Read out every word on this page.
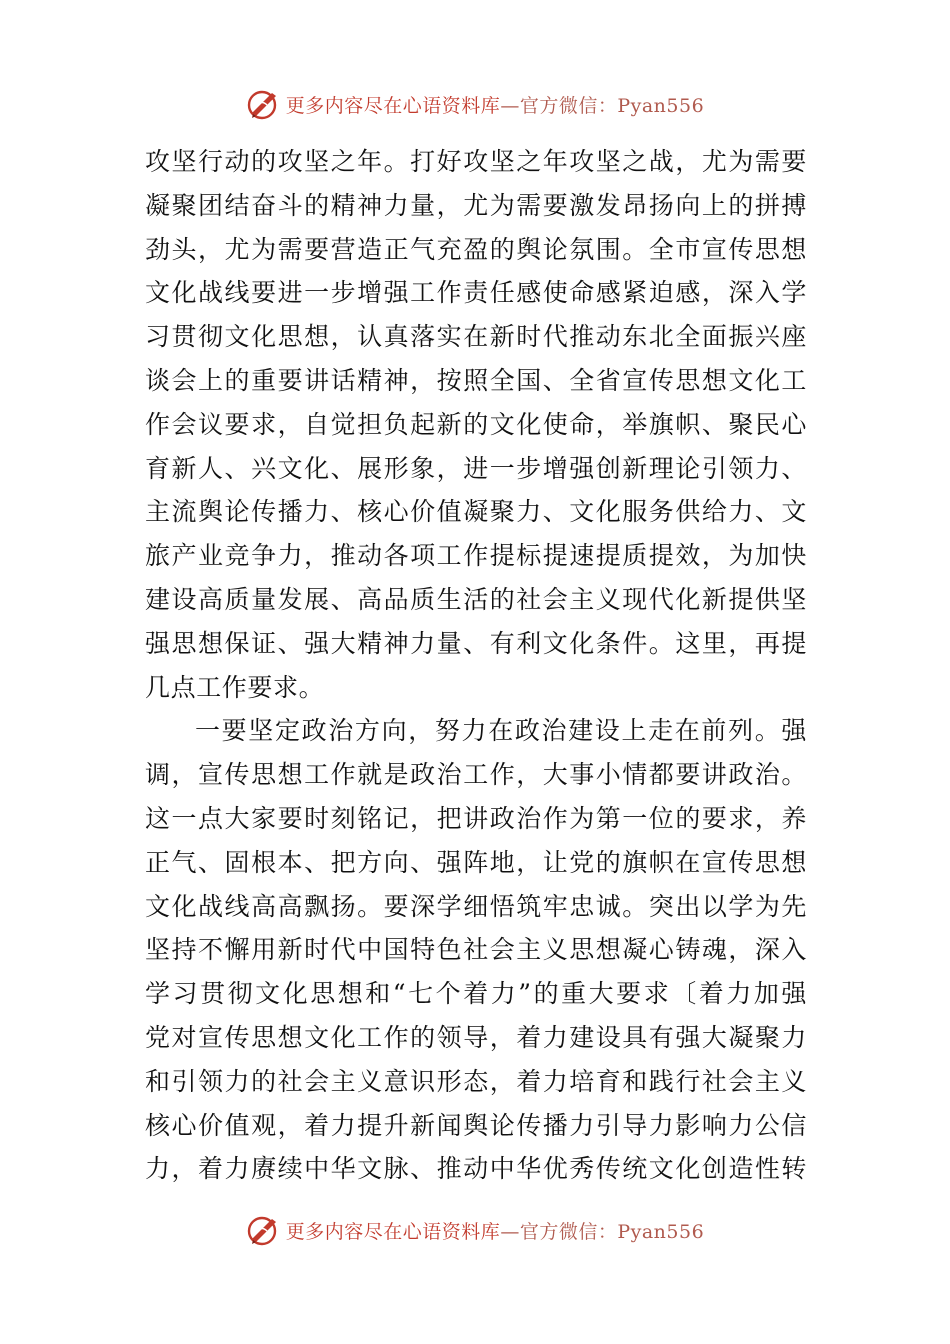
更多内容尽在心语资料库—官方微信：Pyan556
攻坚行动的攻坚之年。打好攻坚之年攻坚之战，尤为需要
凝聚团结奋斗的精神力量，尤为需要激发昂扬向上的拼搏
劲头，尤为需要营造正气充盈的舆论氛围。全市宣传思想
文化战线要进一步增强工作责任感使命感紧迫感，深入学
习贯彻文化思想，认真落实在新时代推动东北全面振兴座
谈会上的重要讲话精神，按照全国、全省宣传思想文化工
作会议要求，自觉担负起新的文化使命，举旗帜、聚民心
育新人、兴文化、展形象，进一步增强创新理论引领力、
主流舆论传播力、核心价值凝聚力、文化服务供给力、文
旅产业竞争力，推动各项工作提标提速提质提效，为加快
建设高质量发展、高品质生活的社会主义现代化新提供坚
强思想保证、强大精神力量、有利文化条件。这里，再提
几点工作要求。
一要坚定政治方向，努力在政治建设上走在前列。强
调，宣传思想工作就是政治工作，大事小情都要讲政治。
这一点大家要时刻铭记，把讲政治作为第一位的要求，养
正气、固根本、把方向、强阵地，让党的旗帜在宣传思想
文化战线高高飘扬。要深学细悟筑牢忠诚。突出以学为先
坚持不懈用新时代中国特色社会主义思想凝心铸魂，深入
学习贯彻文化思想和“七个着力”的重大要求〔着力加强
党对宣传思想文化工作的领导，着力建设具有强大凝聚力
和引领力的社会主义意识形态，着力培育和践行社会主义
核心价值观，着力提升新闻舆论传播力引导力影响力公信
力，着力赓续中华文脉、推动中华优秀传统文化创造性转
更多内容尽在心语资料库—官方微信：Pyan556
